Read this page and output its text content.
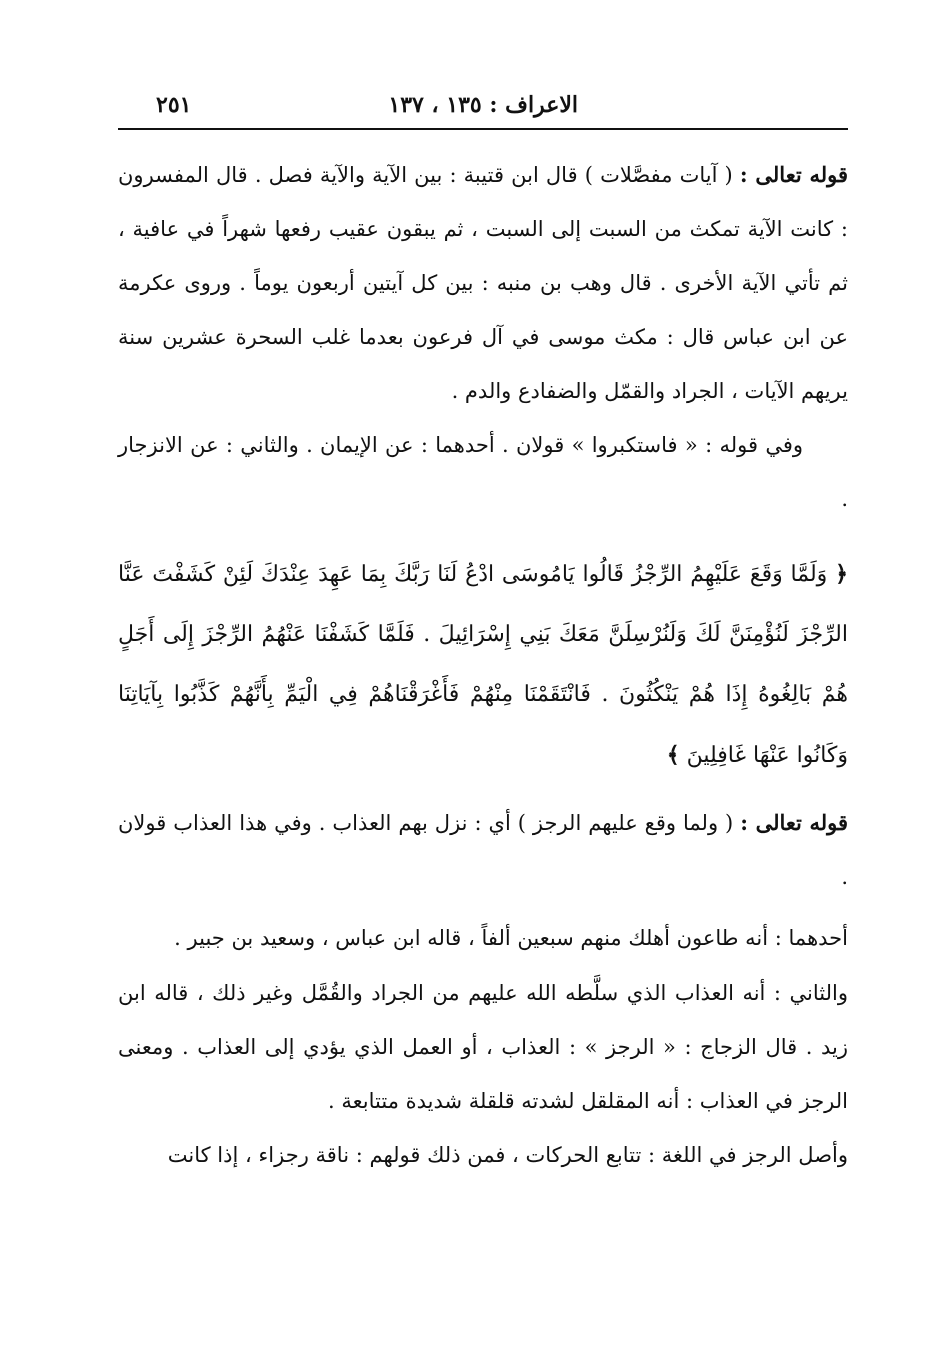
الاعراف : ١٣٥ ، ١٣٧
٢٥١

قوله تعالى : ( آيات مفصَّلات ) قال ابن قتيبة : بين الآية والآية فصل . قال المفسرون : كانت الآية تمكث من السبت إلى السبت ، ثم يبقون عقيب رفعها شهراً في عافية ، ثم تأتي الآية الأخرى . قال وهب بن منبه : بين كل آيتين أربعون يوماً . وروى عكرمة عن ابن عباس قال : مكث موسى في آل فرعون بعدما غلب السحرة عشرين سنة يريهم الآيات ، الجراد والقمّل والضفادع والدم .

وفي قوله : « فاستكبروا » قولان . أحدهما : عن الإيمان . والثاني : عن الانزجار .

﴿ وَلَمَّا وَقَعَ عَلَيْهِمُ الرِّجْزُ قَالُوا يَامُوسَى ادْعُ لَنَا رَبَّكَ بِمَا عَهِدَ عِنْدَكَ لَئِنْ كَشَفْتَ عَنَّا الرِّجْزَ لَنُؤْمِنَنَّ لَكَ وَلَنُرْسِلَنَّ مَعَكَ بَنِي إِسْرَائِيلَ . فَلَمَّا كَشَفْنَا عَنْهُمُ الرِّجْزَ إِلَى أَجَلٍ هُمْ بَالِغُوهُ إِذَا هُمْ يَنْكُثُونَ . فَانْتَقَمْنَا مِنْهُمْ فَأَغْرَقْنَاهُمْ فِي الْيَمِّ بِأَنَّهُمْ كَذَّبُوا بِآيَاتِنَا وَكَانُوا عَنْهَا غَافِلِينَ ﴾

قوله تعالى : ( ولما وقع عليهم الرجز ) أي : نزل بهم العذاب . وفي هذا العذاب قولان .

أحدهما : أنه طاعون أهلك منهم سبعين ألفاً ، قاله ابن عباس ، وسعيد بن جبير .

والثاني : أنه العذاب الذي سلَّطه الله عليهم من الجراد والقُمَّل وغير ذلك ، قاله ابن زيد . قال الزجاج : « الرجز » : العذاب ، أو العمل الذي يؤدي إلى العذاب . ومعنى الرجز في العذاب : أنه المقلقل لشدته قلقلة شديدة متتابعة .

وأصل الرجز في اللغة : تتابع الحركات ، فمن ذلك قولهم : ناقة رجزاء ، إذا كانت
